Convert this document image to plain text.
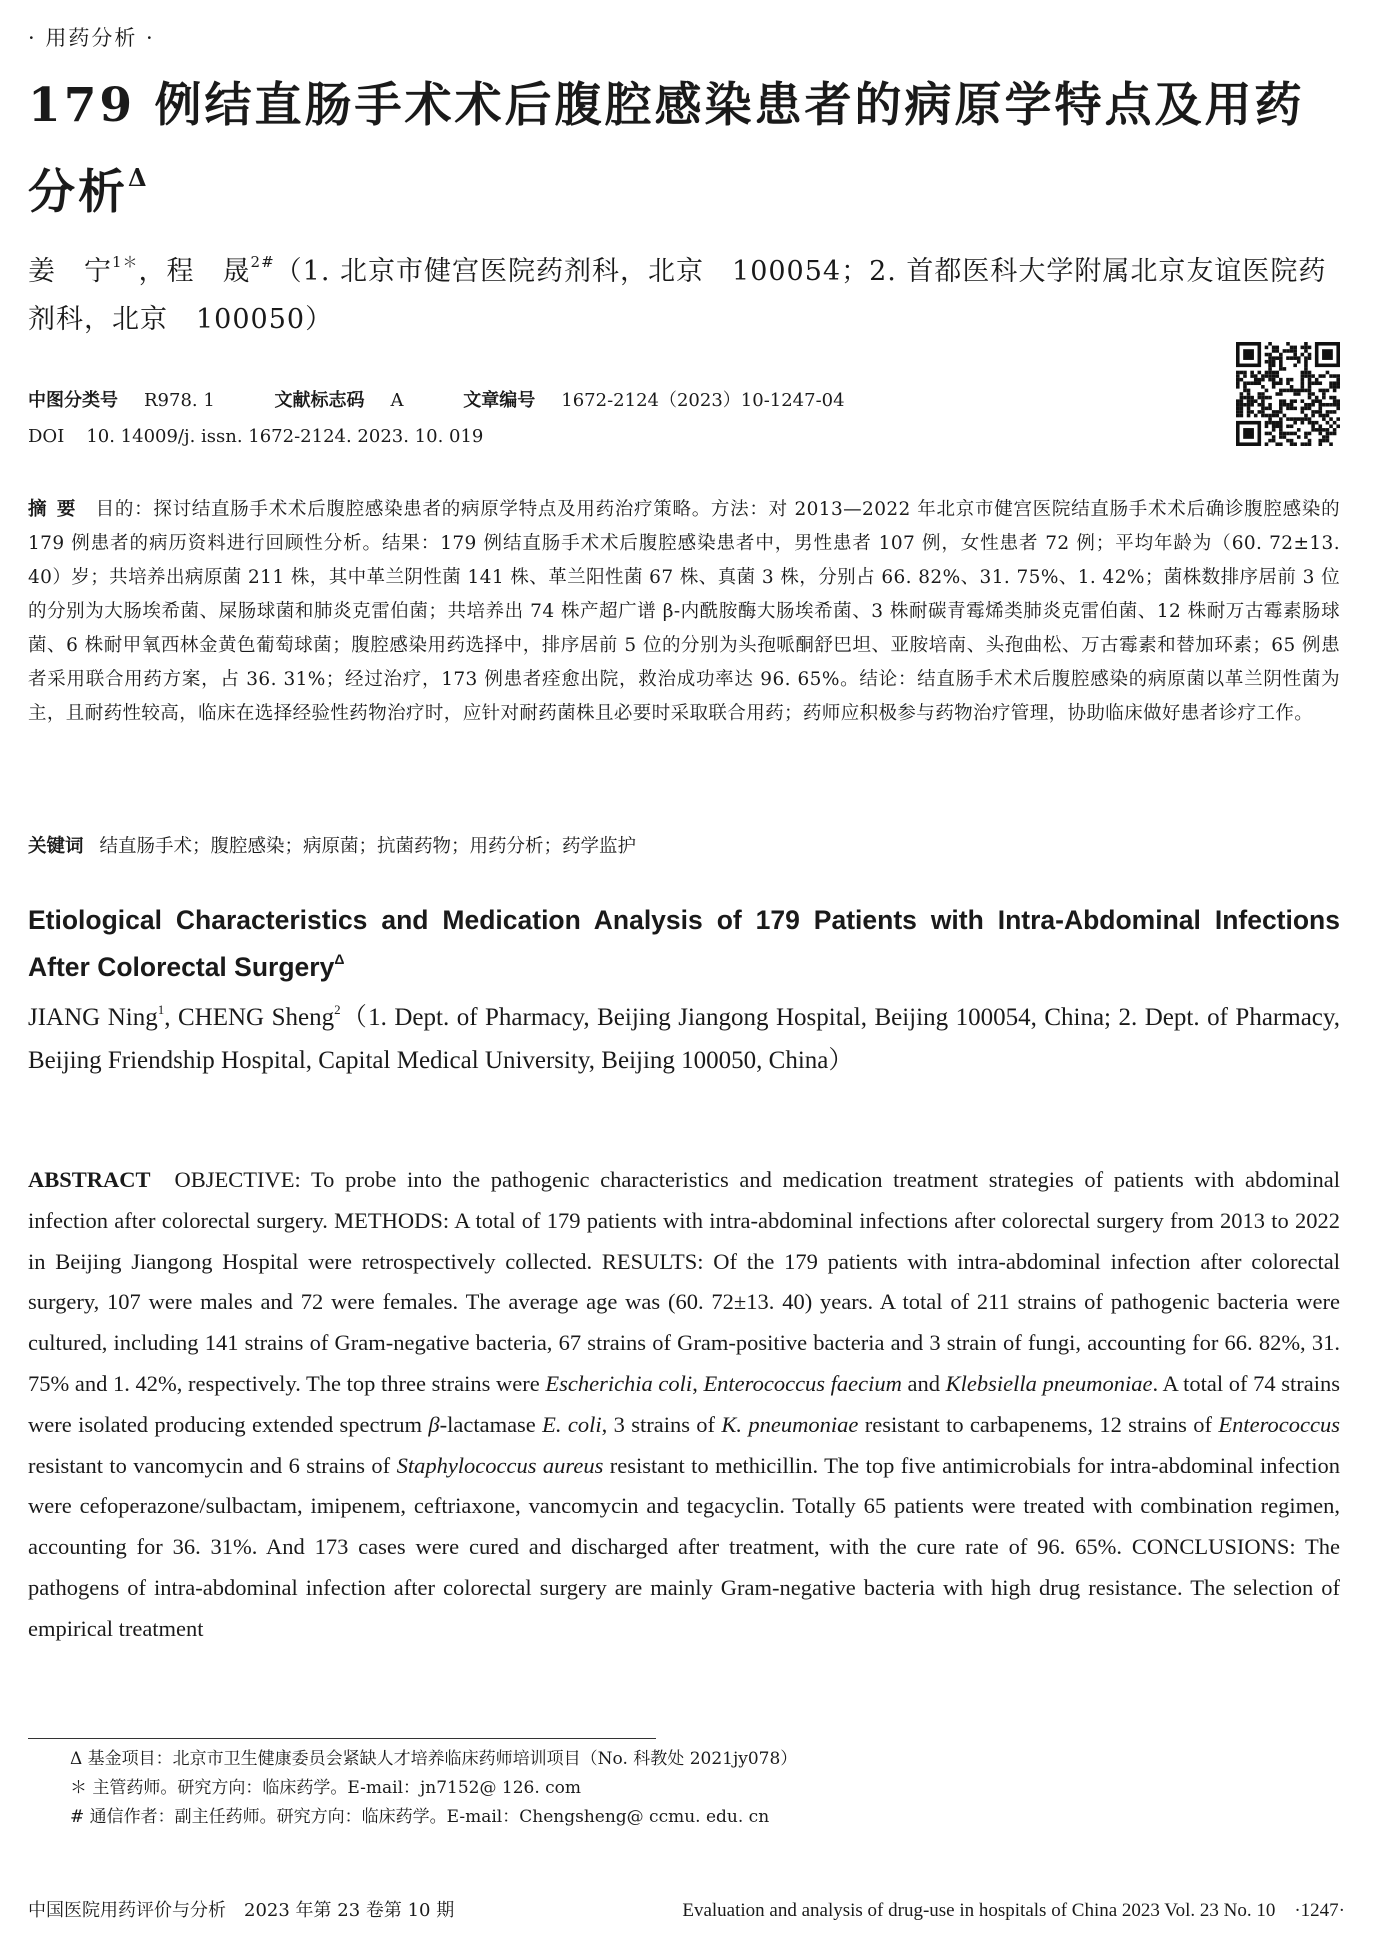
· 用药分析 ·
179 例结直肠手术术后腹腔感染患者的病原学特点及用药分析$^\Delta$
姜　宁$^{1*}$，程　晟$^{2\#}$（1. 北京市健宫医院药剂科，北京　100054；2. 首都医科大学附属北京友谊医院药剂科，北京　100050）
中图分类号 R978. 1	文献标志码 A	文章编号 1672-2124（2023）10-1247-04
DOI 10. 14009/j. issn. 1672-2124. 2023. 10. 019
摘要 目的：探讨结直肠手术术后腹腔感染患者的病原学特点及用药治疗策略。方法：对 2013—2022 年北京市健宫医院结直肠手术术后确诊腹腔感染的 179 例患者的病历资料进行回顾性分析。结果：179 例结直肠手术术后腹腔感染患者中，男性患者 107 例，女性患者 72 例；平均年龄为（60. 72±13. 40）岁；共培养出病原菌 211 株，其中革兰阴性菌 141 株、革兰阳性菌 67 株、真菌 3 株，分别占 66. 82%、31. 75%、1. 42%；菌株数排序居前 3 位的分别为大肠埃希菌、屎肠球菌和肺炎克雷伯菌；共培养出 74 株产超广谱 β-内酰胺酶大肠埃希菌、3 株耐碳青霉烯类肺炎克雷伯菌、12 株耐万古霉素肠球菌、6 株耐甲氧西林金黄色葡萄球菌；腹腔感染用药选择中，排序居前 5 位的分别为头孢哌酮舒巴坦、亚胺培南、头孢曲松、万古霉素和替加环素；65 例患者采用联合用药方案，占 36. 31%；经过治疗，173 例患者痊愈出院，救治成功率达 96. 65%。结论：结直肠手术术后腹腔感染的病原菌以革兰阴性菌为主，且耐药性较高，临床在选择经验性药物治疗时，应针对耐药菌株且必要时采取联合用药；药师应积极参与药物治疗管理，协助临床做好患者诊疗工作。
关键词 结直肠手术；腹腔感染；病原菌；抗菌药物；用药分析；药学监护
Etiological Characteristics and Medication Analysis of 179 Patients with Intra-Abdominal Infections After Colorectal Surgery$^\Delta$
JIANG Ning$^1$, CHENG Sheng$^2$（1. Dept. of Pharmacy, Beijing Jiangong Hospital, Beijing 100054, China; 2. Dept. of Pharmacy, Beijing Friendship Hospital, Capital Medical University, Beijing 100050, China）
ABSTRACT OBJECTIVE: To probe into the pathogenic characteristics and medication treatment strategies of patients with abdominal infection after colorectal surgery. METHODS: A total of 179 patients with intra-abdominal infections after colorectal surgery from 2013 to 2022 in Beijing Jiangong Hospital were retrospectively collected. RESULTS: Of the 179 patients with intra-abdominal infection after colorectal surgery, 107 were males and 72 were females. The average age was (60. 72±13. 40) years. A total of 211 strains of pathogenic bacteria were cultured, including 141 strains of Gram-negative bacteria, 67 strains of Gram-positive bacteria and 3 strain of fungi, accounting for 66. 82%, 31. 75% and 1. 42%, respectively. The top three strains were Escherichia coli, Enterococcus faecium and Klebsiella pneumoniae. A total of 74 strains were isolated producing extended spectrum β-lactamase E. coli, 3 strains of K. pneumoniae resistant to carbapenems, 12 strains of Enterococcus resistant to vancomycin and 6 strains of Staphylococcus aureus resistant to methicillin. The top five antimicrobials for intra-abdominal infection were cefoperazone/sulbactam, imipenem, ceftriaxone, vancomycin and tegacyclin. Totally 65 patients were treated with combination regimen, accounting for 36. 31%. And 173 cases were cured and discharged after treatment, with the cure rate of 96. 65%. CONCLUSIONS: The pathogens of intra-abdominal infection after colorectal surgery are mainly Gram-negative bacteria with high drug resistance. The selection of empirical treatment
Δ 基金项目：北京市卫生健康委员会紧缺人才培养临床药师培训项目（No. 科教处 2021jy078）
＊ 主管药师。研究方向：临床药学。E-mail：jn7152@ 126. com
# 通信作者：副主任药师。研究方向：临床药学。E-mail：Chengsheng@ ccmu. edu. cn
中国医院用药评价与分析　2023 年第 23 卷第 10 期	Evaluation and analysis of drug-use in hospitals of China 2023 Vol. 23 No. 10　·1247·
